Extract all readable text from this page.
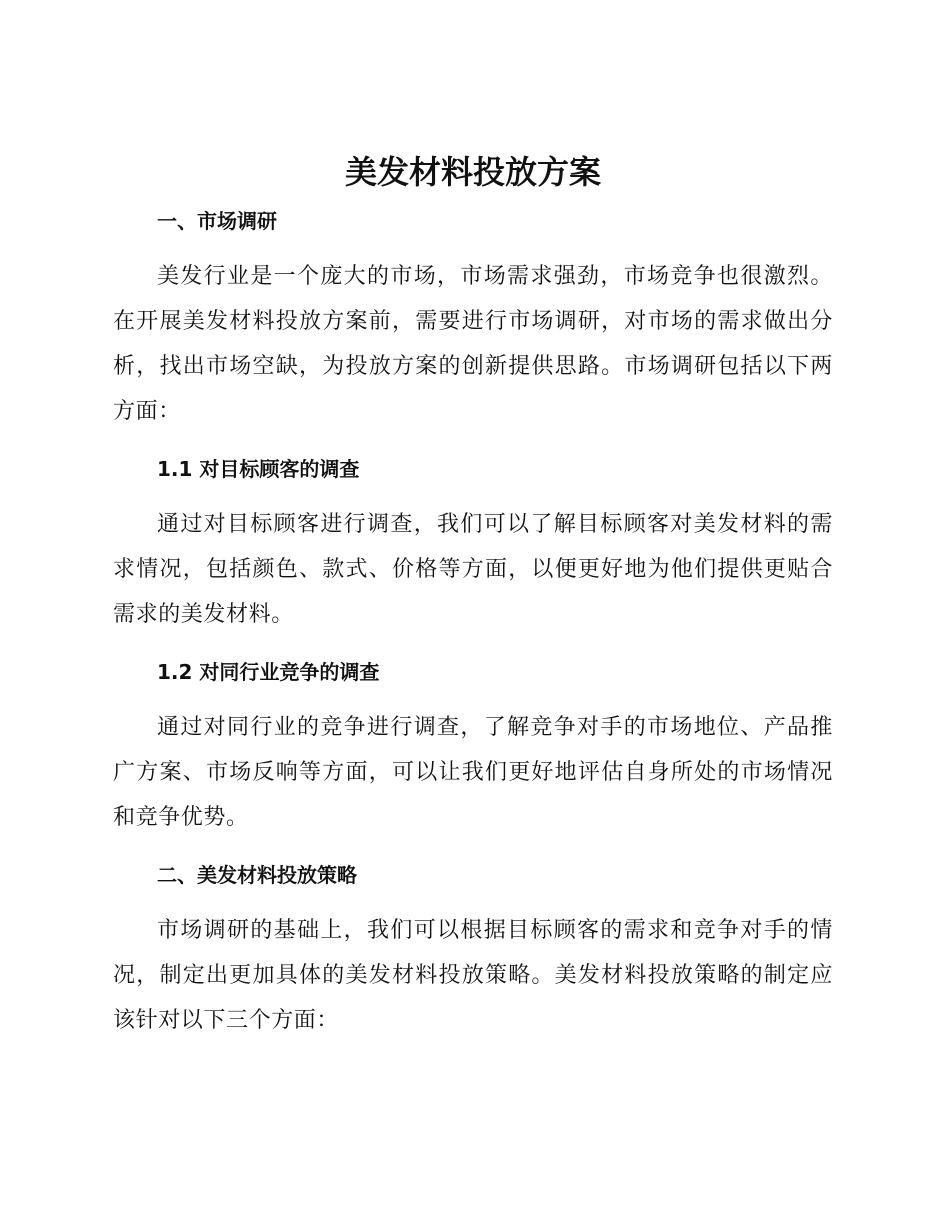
美发材料投放方案
一、市场调研

美发行业是一个庞大的市场，市场需求强劲，市场竞争也很激烈。在开展美发材料投放方案前，需要进行市场调研，对市场的需求做出分析，找出市场空缺，为投放方案的创新提供思路。市场调研包括以下两方面：

1.1 对目标顾客的调查

通过对目标顾客进行调查，我们可以了解目标顾客对美发材料的需求情况，包括颜色、款式、价格等方面，以便更好地为他们提供更贴合需求的美发材料。

1.2 对同行业竞争的调查

通过对同行业的竞争进行调查，了解竞争对手的市场地位、产品推广方案、市场反响等方面，可以让我们更好地评估自身所处的市场情况和竞争优势。

二、美发材料投放策略

市场调研的基础上，我们可以根据目标顾客的需求和竞争对手的情况，制定出更加具体的美发材料投放策略。美发材料投放策略的制定应该针对以下三个方面：
